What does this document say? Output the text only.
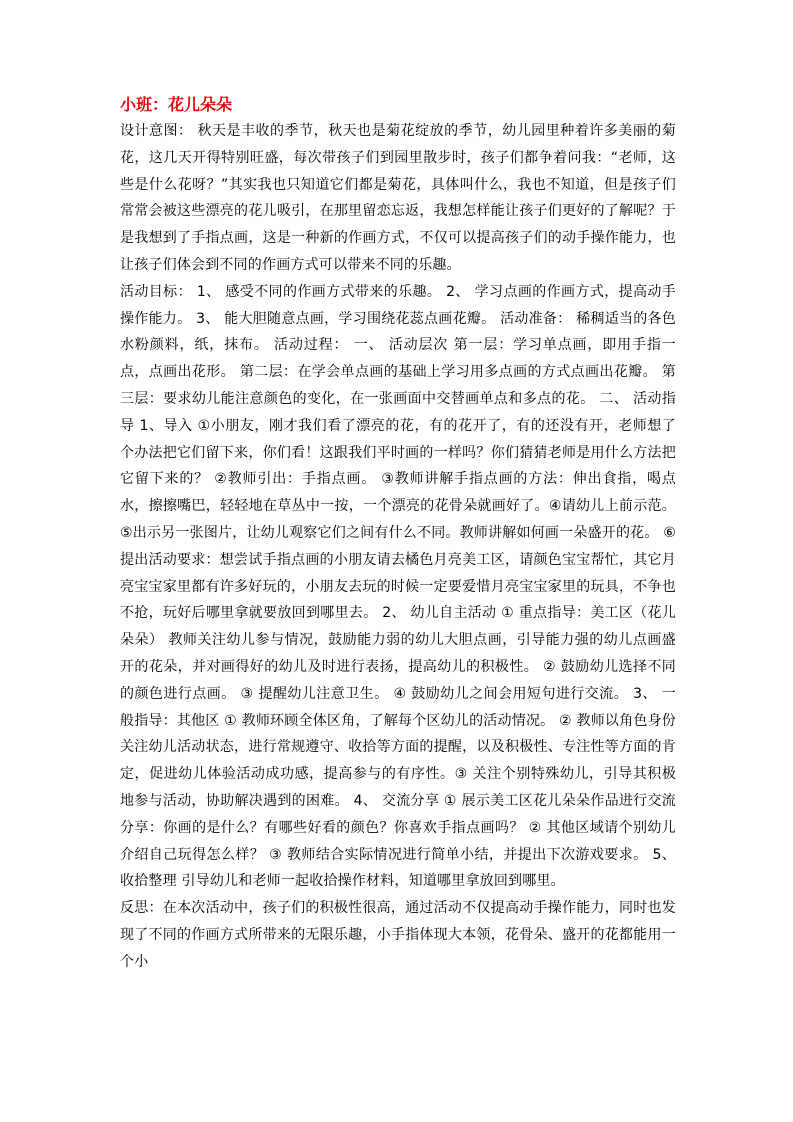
小班：花儿朵朵

设计意图： 秋天是丰收的季节，秋天也是菊花绽放的季节，幼儿园里种着许多美丽的菊花，这几天开得特别旺盛，每次带孩子们到园里散步时，孩子们都争着问我：“老师，这些是什么花呀？”其实我也只知道它们都是菊花，具体叫什么，我也不知道，但是孩子们常常会被这些漂亮的花儿吸引，在那里留恋忘返，我想怎样能让孩子们更好的了解呢？于是我想到了手指点画，这是一种新的作画方式，不仅可以提高孩子们的动手操作能力，也让孩子们体会到不同的作画方式可以带来不同的乐趣。

活动目标： 1、 感受不同的作画方式带来的乐趣。 2、 学习点画的作画方式，提高动手操作能力。 3、 能大胆随意点画，学习围绕花蕊点画花瓣。 活动准备： 稀稠适当的各色水粉颜料，纸，抹布。 活动过程： 一、 活动层次 第一层：学习单点画，即用手指一点，点画出花形。 第二层：在学会单点画的基础上学习用多点画的方式点画出花瓣。 第三层：要求幼儿能注意颜色的变化，在一张画面中交替画单点和多点的花。 二、 活动指导 1、导入 ①小朋友，刚才我们看了漂亮的花，有的花开了，有的还没有开，老师想了个办法把它们留下来，你们看！这跟我们平时画的一样吗？你们猜猜老师是用什么方法把它留下来的？ ②教师引出：手指点画。 ③教师讲解手指点画的方法：伸出食指，喝点水，擦擦嘴巴，轻轻地在草丛中一按，一个漂亮的花骨朵就画好了。④请幼儿上前示范。⑤出示另一张图片，让幼儿观察它们之间有什么不同。教师讲解如何画一朵盛开的花。 ⑥提出活动要求：想尝试手指点画的小朋友请去橘色月亮美工区，请颜色宝宝帮忙，其它月亮宝宝家里都有许多好玩的，小朋友去玩的时候一定要爱惜月亮宝宝家里的玩具，不争也不抢，玩好后哪里拿就要放回到哪里去。 2、 幼儿自主活动 ① 重点指导：美工区（花儿朵朵） 教师关注幼儿参与情况，鼓励能力弱的幼儿大胆点画，引导能力强的幼儿点画盛开的花朵，并对画得好的幼儿及时进行表扬，提高幼儿的积极性。 ② 鼓励幼儿选择不同的颜色进行点画。 ③ 提醒幼儿注意卫生。 ④ 鼓励幼儿之间会用短句进行交流。 3、 一般指导：其他区 ① 教师环顾全体区角，了解每个区幼儿的活动情况。 ② 教师以角色身份关注幼儿活动状态，进行常规遵守、收拾等方面的提醒，以及积极性、专注性等方面的肯定，促进幼儿体验活动成功感，提高参与的有序性。③ 关注个别特殊幼儿，引导其积极地参与活动，协助解决遇到的困难。 4、 交流分享 ① 展示美工区花儿朵朵作品进行交流分享：你画的是什么？有哪些好看的颜色？你喜欢手指点画吗？ ② 其他区域请个别幼儿介绍自己玩得怎么样？ ③ 教师结合实际情况进行简单小结，并提出下次游戏要求。 5、 收拾整理 引导幼儿和老师一起收拾操作材料，知道哪里拿放回到哪里。

反思：在本次活动中，孩子们的积极性很高，通过活动不仅提高动手操作能力，同时也发现了不同的作画方式所带来的无限乐趣，小手指体现大本领，花骨朵、盛开的花都能用一个小
